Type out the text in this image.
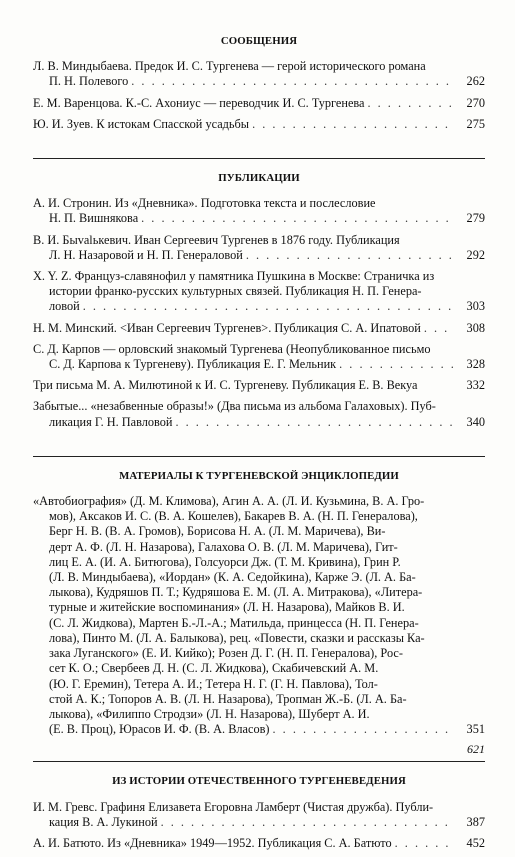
СООБЩЕНИЯ
Л. В. Миндыбаева. Предок И. С. Тургенева — герой исторического романа
П. Н. Полевого . . .	262
Е. М. Варенцова. К.-С. Ахониус — переводчик И. С. Тургенева . . .	270
Ю. И. Зуев. К истокам Спасской усадьбы . . .	275
ПУБЛИКАЦИИ
А. И. Стронин. Из «Дневника». Подготовка текста и послесловие
Н. П. Вишнякова . . .	279
В. И. Быvalькевич. Иван Сергеевич Тургенев в 1876 году. Публикация
Л. Н. Назаровой и Н. П. Генераловой . . .	292
X. Y. Z. Француз-славянофил у памятника Пушкина в Москве: Страничка из
истории франко-русских культурных связей. Публикация Н. П. Генера-
ловой . . .	303
Н. М. Минский. <Иван Сергеевич Тургенев>. Публикация С. А. Ипатовой . . .	308
С. Д. Карпов — орловский знакомый Тургенева (Неопубликованное письмо
С. Д. Карпова к Тургеневу). Публикация Е. Г. Мельник . . .	328
Три письма М. А. Милютиной к И. С. Тургеневу. Публикация Е. В. Векуа	332
Забытые... «незабвенные образы!» (Два письма из альбома Галаховых). Пуб-
ликация Г. Н. Павловой . . .	340
МАТЕРИАЛЫ К ТУРГЕНЕВСКОЙ ЭНЦИКЛОПЕДИИ
«Автобиография» (Д. М. Климова), Агин А. А. (Л. И. Кузьмина, В. А. Гро-
мов), Аксаков И. С. (В. А. Кошелев), Бакарев В. А. (Н. П. Генералова),
Берг Н. В. (В. А. Громов), Борисова Н. А. (Л. М. Маричева), Ви-
дерт А. Ф. (Л. Н. Назарова), Галахова О. В. (Л. М. Маричева), Гит-
лиц Е. А. (И. А. Битюгова), Голсуорси Дж. (Т. М. Кривина), Грин Р.
(Л. В. Миндыбаева), «Иордан» (К. А. Седойкина), Карже Э. (Л. А. Ба-
лыкова), Кудряшов П. Т.; Кудряшова Е. М. (Л. А. Митракова), «Литера-
турные и житейские воспоминания» (Л. Н. Назарова), Майков В. И.
(С. Л. Жидкова), Мартен Б.-Л.-А.; Матильда, принцесса (Н. П. Генера-
лова), Пинто М. (Л. А. Балыкова), рец. «Повести, сказки и рассказы Ка-
зака Луганского» (Е. И. Кийко); Розен Д. Г. (Н. П. Генералова), Рос-
сет К. О.; Свербеев Д. Н. (С. Л. Жидкова), Скабичевский А. М.
(Ю. Г. Еремин), Тетера А. И.; Тетера Н. Г. (Г. Н. Павлова), Тол-
стой А. К.; Топоров А. В. (Л. Н. Назарова), Тропман Ж.-Б. (Л. А. Ба-
лыкова), «Филиппо Стродзи» (Л. Н. Назарова), Шуберт А. И.
(Е. В. Проц), Юрасов И. Ф. (В. А. Власов) . . .	351
ИЗ ИСТОРИИ ОТЕЧЕСТВЕННОГО ТУРГЕНЕВЕДЕНИЯ
И. М. Гревс. Графиня Елизавета Егоровна Ламберт (Чистая дружба). Публи-
кация В. А. Лукиной . . .	387
А. И. Батюто. Из «Дневника» 1949—1952. Публикация С. А. Батюто . . .	452
621
